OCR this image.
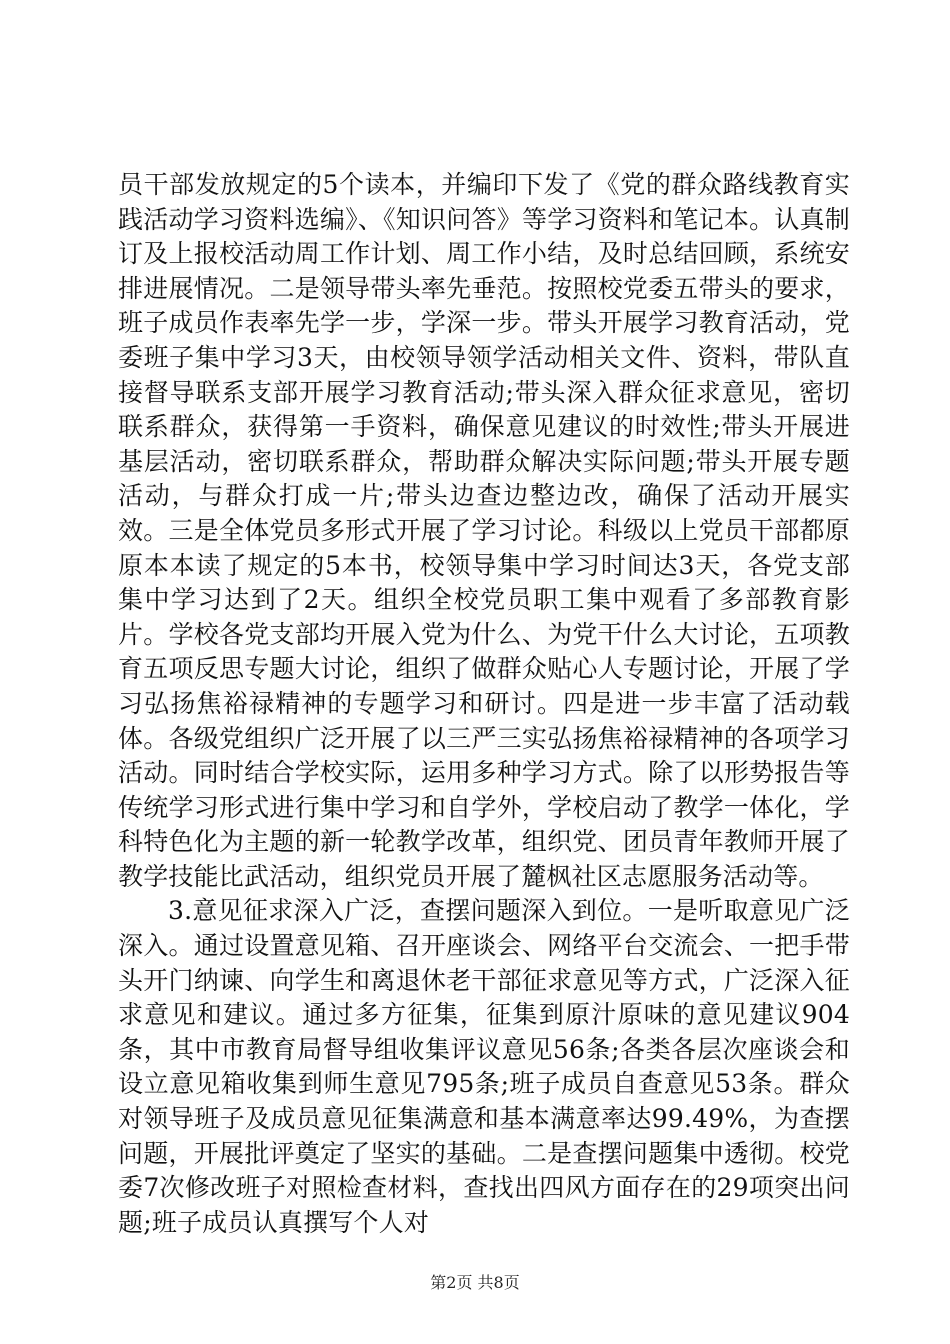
员干部发放规定的5个读本，并编印下发了《党的群众路线教育实践活动学习资料选编》、《知识问答》等学习资料和笔记本。认真制订及上报校活动周工作计划、周工作小结，及时总结回顾，系统安排进展情况。二是领导带头率先垂范。按照校党委五带头的要求，班子成员作表率先学一步，学深一步。带头开展学习教育活动，党委班子集中学习3天，由校领导领学活动相关文件、资料，带队直接督导联系支部开展学习教育活动;带头深入群众征求意见，密切联系群众，获得第一手资料，确保意见建议的时效性;带头开展进基层活动，密切联系群众，帮助群众解决实际问题;带头开展专题活动，与群众打成一片;带头边查边整边改，确保了活动开展实效。三是全体党员多形式开展了学习讨论。科级以上党员干部都原原本本读了规定的5本书，校领导集中学习时间达3天，各党支部集中学习达到了2天。组织全校党员职工集中观看了多部教育影片。学校各党支部均开展入党为什么、为党干什么大讨论，五项教育五项反思专题大讨论，组织了做群众贴心人专题讨论，开展了学习弘扬焦裕禄精神的专题学习和研讨。四是进一步丰富了活动载体。各级党组织广泛开展了以三严三实弘扬焦裕禄精神的各项学习活动。同时结合学校实际，运用多种学习方式。除了以形势报告等传统学习形式进行集中学习和自学外，学校启动了教学一体化，学科特色化为主题的新一轮教学改革，组织党、团员青年教师开展了教学技能比武活动，组织党员开展了麓枫社区志愿服务活动等。

3.意见征求深入广泛，查摆问题深入到位。一是听取意见广泛深入。通过设置意见箱、召开座谈会、网络平台交流会、一把手带头开门纳谏、向学生和离退休老干部征求意见等方式，广泛深入征求意见和建议。通过多方征集，征集到原汁原味的意见建议904条，其中市教育局督导组收集评议意见56条;各类各层次座谈会和设立意见箱收集到师生意见795条;班子成员自查意见53条。群众对领导班子及成员意见征集满意和基本满意率达99.49%，为查摆问题，开展批评奠定了坚实的基础。二是查摆问题集中透彻。校党委7次修改班子对照检查材料，查找出四风方面存在的29项突出问题;班子成员认真撰写个人对

第2页 共8页
